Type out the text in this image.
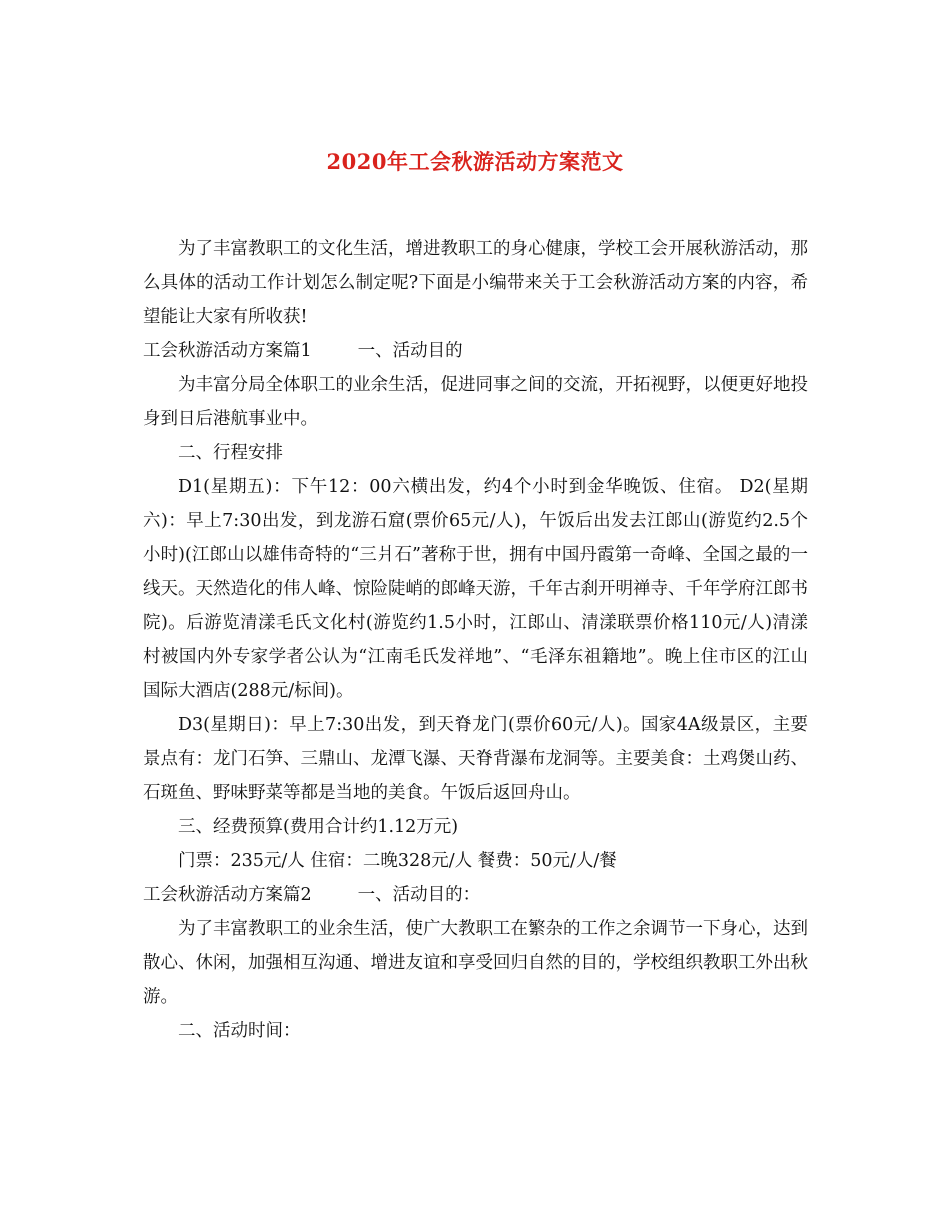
2020年工会秋游活动方案范文

为了丰富教职工的文化生活，增进教职工的身心健康，学校工会开展秋游活动，那么具体的活动工作计划怎么制定呢?下面是小编带来关于工会秋游活动方案的内容，希望能让大家有所收获!

工会秋游活动方案篇1	一、活动目的

为丰富分局全体职工的业余生活，促进同事之间的交流，开拓视野，以便更好地投身到日后港航事业中。

二、行程安排

D1(星期五)：下午12：00六横出发，约4个小时到金华晚饭、住宿。 D2(星期六)：早上7:30出发，到龙游石窟(票价65元/人)，午饭后出发去江郎山(游览约2.5个小时)(江郎山以雄伟奇特的“三爿石”著称于世，拥有中国丹霞第一奇峰、全国之最的一线天。天然造化的伟人峰、惊险陡峭的郎峰天游，千年古刹开明禅寺、千年学府江郎书院)。后游览清漾毛氏文化村(游览约1.5小时，江郎山、清漾联票价格110元/人)清漾村被国内外专家学者公认为“江南毛氏发祥地”、“毛泽东祖籍地”。晚上住市区的江山国际大酒店(288元/标间)。

D3(星期日)：早上7:30出发，到天脊龙门(票价60元/人)。国家4A级景区，主要景点有：龙门石笋、三鼎山、龙潭飞瀑、天脊背瀑布龙洞等。主要美食：土鸡煲山药、石斑鱼、野味野菜等都是当地的美食。午饭后返回舟山。

三、经费预算(费用合计约1.12万元)

门票：235元/人 住宿：二晚328元/人 餐费：50元/人/餐

工会秋游活动方案篇2	一、活动目的：

为了丰富教职工的业余生活，使广大教职工在繁杂的工作之余调节一下身心，达到散心、休闲，加强相互沟通、增进友谊和享受回归自然的目的，学校组织教职工外出秋游。

二、活动时间：
